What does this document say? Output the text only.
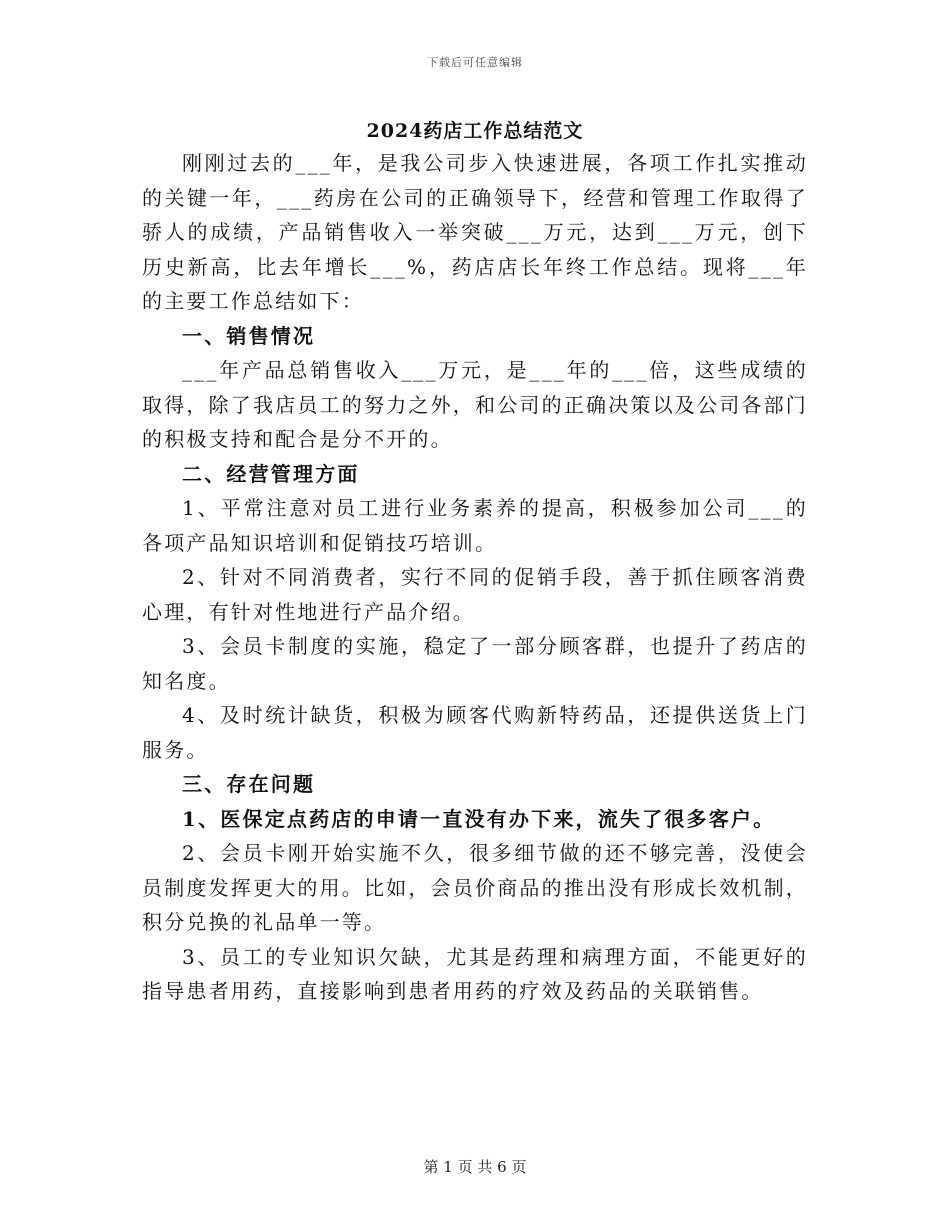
下载后可任意编辑
2024药店工作总结范文

刚刚过去的___年，是我公司步入快速进展，各项工作扎实推动的关键一年，___药房在公司的正确领导下，经营和管理工作取得了骄人的成绩，产品销售收入一举突破___万元，达到___万元，创下历史新高，比去年增长___%，药店店长年终工作总结。现将___年的主要工作总结如下：

一、销售情况

___年产品总销售收入___万元，是___年的___倍，这些成绩的取得，除了我店员工的努力之外，和公司的正确决策以及公司各部门的积极支持和配合是分不开的。

二、经营管理方面

1、平常注意对员工进行业务素养的提高，积极参加公司___的各项产品知识培训和促销技巧培训。

2、针对不同消费者，实行不同的促销手段，善于抓住顾客消费心理，有针对性地进行产品介绍。

3、会员卡制度的实施，稳定了一部分顾客群，也提升了药店的知名度。

4、及时统计缺货，积极为顾客代购新特药品，还提供送货上门服务。

三、存在问题

1、医保定点药店的申请一直没有办下来，流失了很多客户。

2、会员卡刚开始实施不久，很多细节做的还不够完善，没使会员制度发挥更大的用。比如，会员价商品的推出没有形成长效机制，积分兑换的礼品单一等。

3、员工的专业知识欠缺，尤其是药理和病理方面，不能更好的指导患者用药，直接影响到患者用药的疗效及药品的关联销售。

第 1 页 共 6 页
